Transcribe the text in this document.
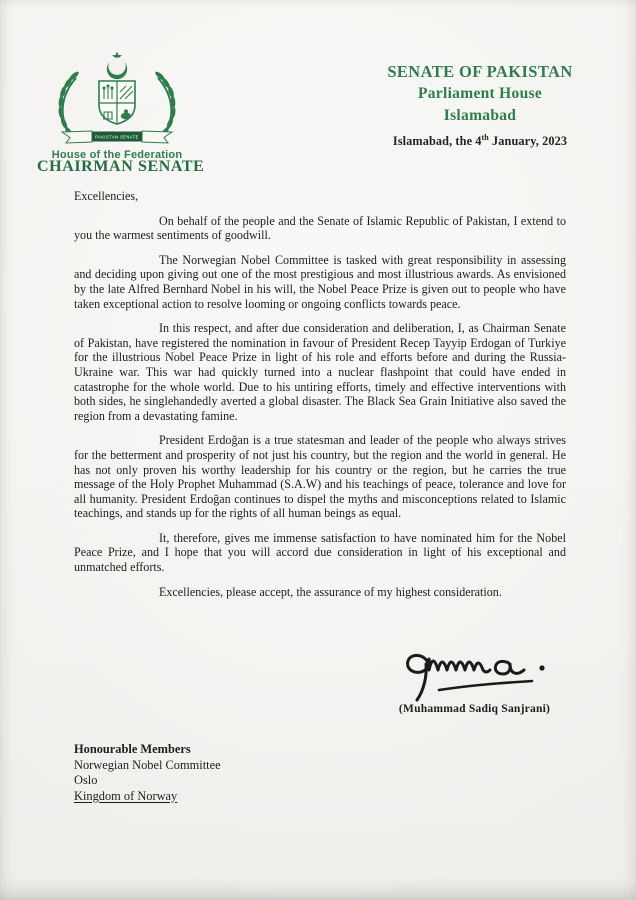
PAKISTAN SENATE
House of the Federation
CHAIRMAN SENATE
SENATE OF PAKISTAN
Parliament House
Islamabad
Islamabad, the 4th January, 2023

Excellencies,

On behalf of the people and the Senate of Islamic Republic of Pakistan, I extend to you the warmest sentiments of goodwill.

The Norwegian Nobel Committee is tasked with great responsibility in assessing and deciding upon giving out one of the most prestigious and most illustrious awards. As envisioned by the late Alfred Bernhard Nobel in his will, the Nobel Peace Prize is given out to people who have taken exceptional action to resolve looming or ongoing conflicts towards peace.

In this respect, and after due consideration and deliberation, I, as Chairman Senate of Pakistan, have registered the nomination in favour of President Recep Tayyip Erdogan of Turkiye for the illustrious Nobel Peace Prize in light of his role and efforts before and during the Russia-Ukraine war. This war had quickly turned into a nuclear flashpoint that could have ended in catastrophe for the whole world. Due to his untiring efforts, timely and effective interventions with both sides, he singlehandedly averted a global disaster. The Black Sea Grain Initiative also saved the region from a devastating famine.

President Erdoğan is a true statesman and leader of the people who always strives for the betterment and prosperity of not just his country, but the region and the world in general. He has not only proven his worthy leadership for his country or the region, but he carries the true message of the Holy Prophet Muhammad (S.A.W) and his teachings of peace, tolerance and love for all humanity. President Erdoğan continues to dispel the myths and misconceptions related to Islamic teachings, and stands up for the rights of all human beings as equal.

It, therefore, gives me immense satisfaction to have nominated him for the Nobel Peace Prize, and I hope that you will accord due consideration in light of his exceptional and unmatched efforts.

Excellencies, please accept, the assurance of my highest consideration.

(Muhammad Sadiq Sanjrani)
Honourable Members
Norwegian Nobel Committee
Oslo
Kingdom of Norway
